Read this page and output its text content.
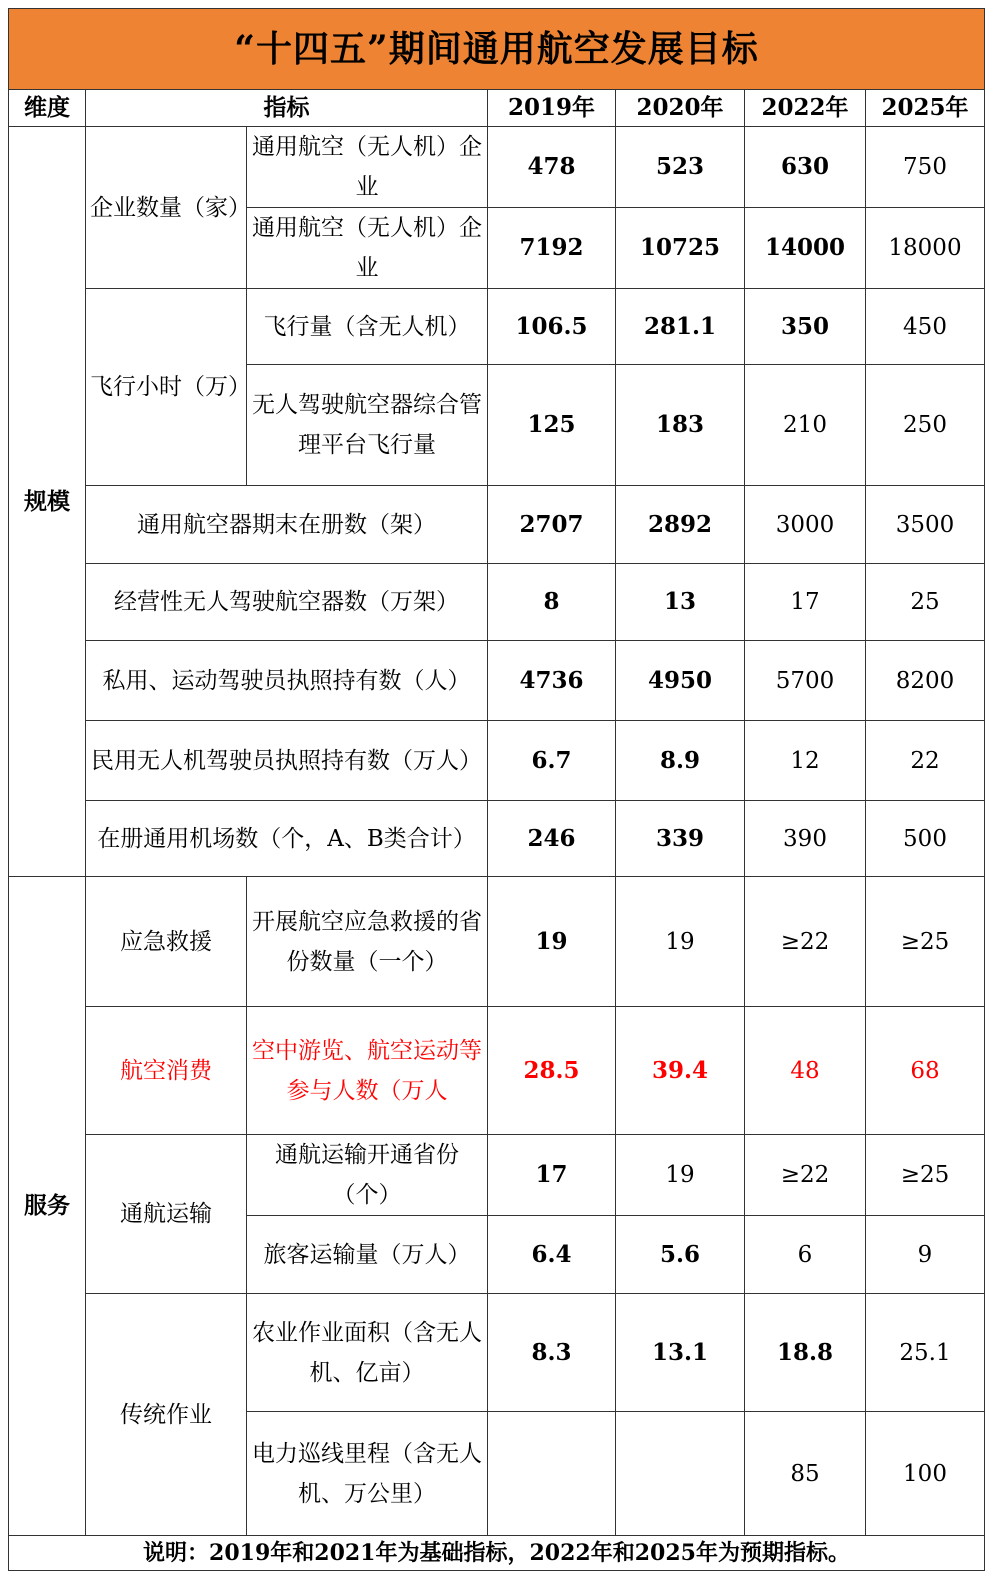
“十四五”期间通用航空发展目标						
维度	指标		2019年	2020年	2022年	2025年
规模	企业数量（家）	通用航空（无人机）企业	478	523	630	750
		通用航空（无人机）企业	7192	10725	14000	18000
	飞行小时（万）	飞行量（含无人机）	106.5	281.1	350	450
		无人驾驶航空器综合管理平台飞行量	125	183	210	250
	通用航空器期末在册数（架）		2707	2892	3000	3500
	经营性无人驾驶航空器数（万架）		8	13	17	25
	私用、运动驾驶员执照持有数（人）		4736	4950	5700	8200
	民用无人机驾驶员执照持有数（万人）		6.7	8.9	12	22
	在册通用机场数（个，A、B类合计）		246	339	390	500
服务	应急救援	开展航空应急救援的省份数量（一个）	19	19	≥22	≥25
	航空消费	空中游览、航空运动等参与人数（万人	28.5	39.4	48	68
	通航运输	通航运输开通省份（个）	17	19	≥22	≥25
		旅客运输量（万人）	6.4	5.6	6	9
	传统作业	农业作业面积（含无人机、亿亩）	8.3	13.1	18.8	25.1
		电力巡线里程（含无人机、万公里）			85	100
说明：2019年和2021年为基础指标，2022年和2025年为预期指标。						
